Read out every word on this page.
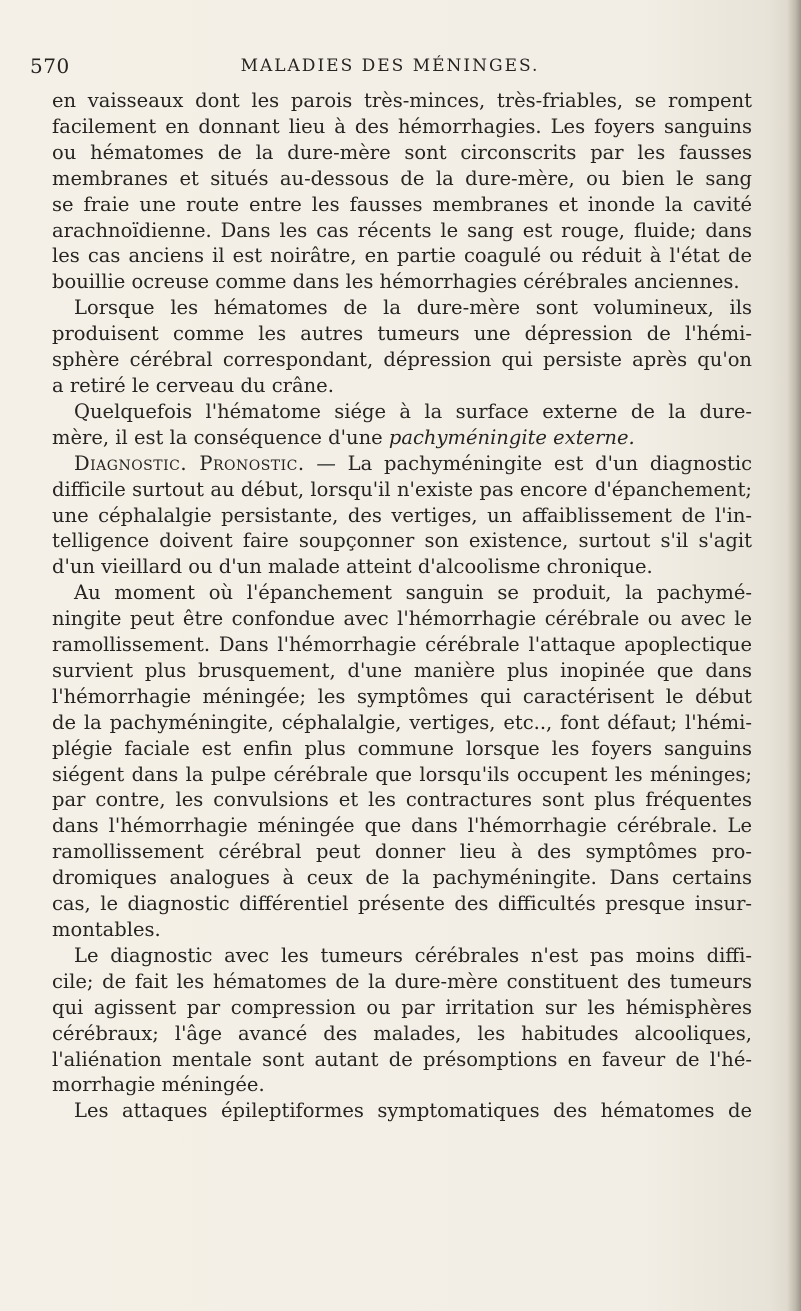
570	MALADIES DES MÉNINGES.
en vaisseaux dont les parois très-minces, très-friables, se rompent
facilement en donnant lieu à des hémorrhagies. Les foyers sanguins
ou hématomes de la dure-mère sont circonscrits par les fausses
membranes et situés au-dessous de la dure-mère, ou bien le sang
se fraie une route entre les fausses membranes et inonde la cavité
arachnoïdienne. Dans les cas récents le sang est rouge, fluide; dans
les cas anciens il est noirâtre, en partie coagulé ou réduit à l'état de
bouillie ocreuse comme dans les hémorrhagies cérébrales anciennes.
Lorsque les hématomes de la dure-mère sont volumineux, ils
produisent comme les autres tumeurs une dépression de l'hémi-
sphère cérébral correspondant, dépression qui persiste après qu'on
a retiré le cerveau du crâne.
Quelquefois l'hématome siége à la surface externe de la dure-
mère, il est la conséquence d'une pachyméningite externe.
Diagnostic. Pronostic. — La pachyméningite est d'un diagnostic
difficile surtout au début, lorsqu'il n'existe pas encore d'épanchement;
une céphalalgie persistante, des vertiges, un affaiblissement de l'in-
telligence doivent faire soupçonner son existence, surtout s'il s'agit
d'un vieillard ou d'un malade atteint d'alcoolisme chronique.
Au moment où l'épanchement sanguin se produit, la pachymé-
ningite peut être confondue avec l'hémorrhagie cérébrale ou avec le
ramollissement. Dans l'hémorrhagie cérébrale l'attaque apoplectique
survient plus brusquement, d'une manière plus inopinée que dans
l'hémorrhagie méningée; les symptômes qui caractérisent le début
de la pachyméningite, céphalalgie, vertiges, etc.., font défaut; l'hémi-
plégie faciale est enfin plus commune lorsque les foyers sanguins
siégent dans la pulpe cérébrale que lorsqu'ils occupent les méninges;
par contre, les convulsions et les contractures sont plus fréquentes
dans l'hémorrhagie méningée que dans l'hémorrhagie cérébrale. Le
ramollissement cérébral peut donner lieu à des symptômes pro-
dromiques analogues à ceux de la pachyméningite. Dans certains
cas, le diagnostic différentiel présente des difficultés presque insur-
montables.
Le diagnostic avec les tumeurs cérébrales n'est pas moins diffi-
cile; de fait les hématomes de la dure-mère constituent des tumeurs
qui agissent par compression ou par irritation sur les hémisphères
cérébraux; l'âge avancé des malades, les habitudes alcooliques,
l'aliénation mentale sont autant de présomptions en faveur de l'hé-
morrhagie méningée.
Les attaques épileptiformes symptomatiques des hématomes de
